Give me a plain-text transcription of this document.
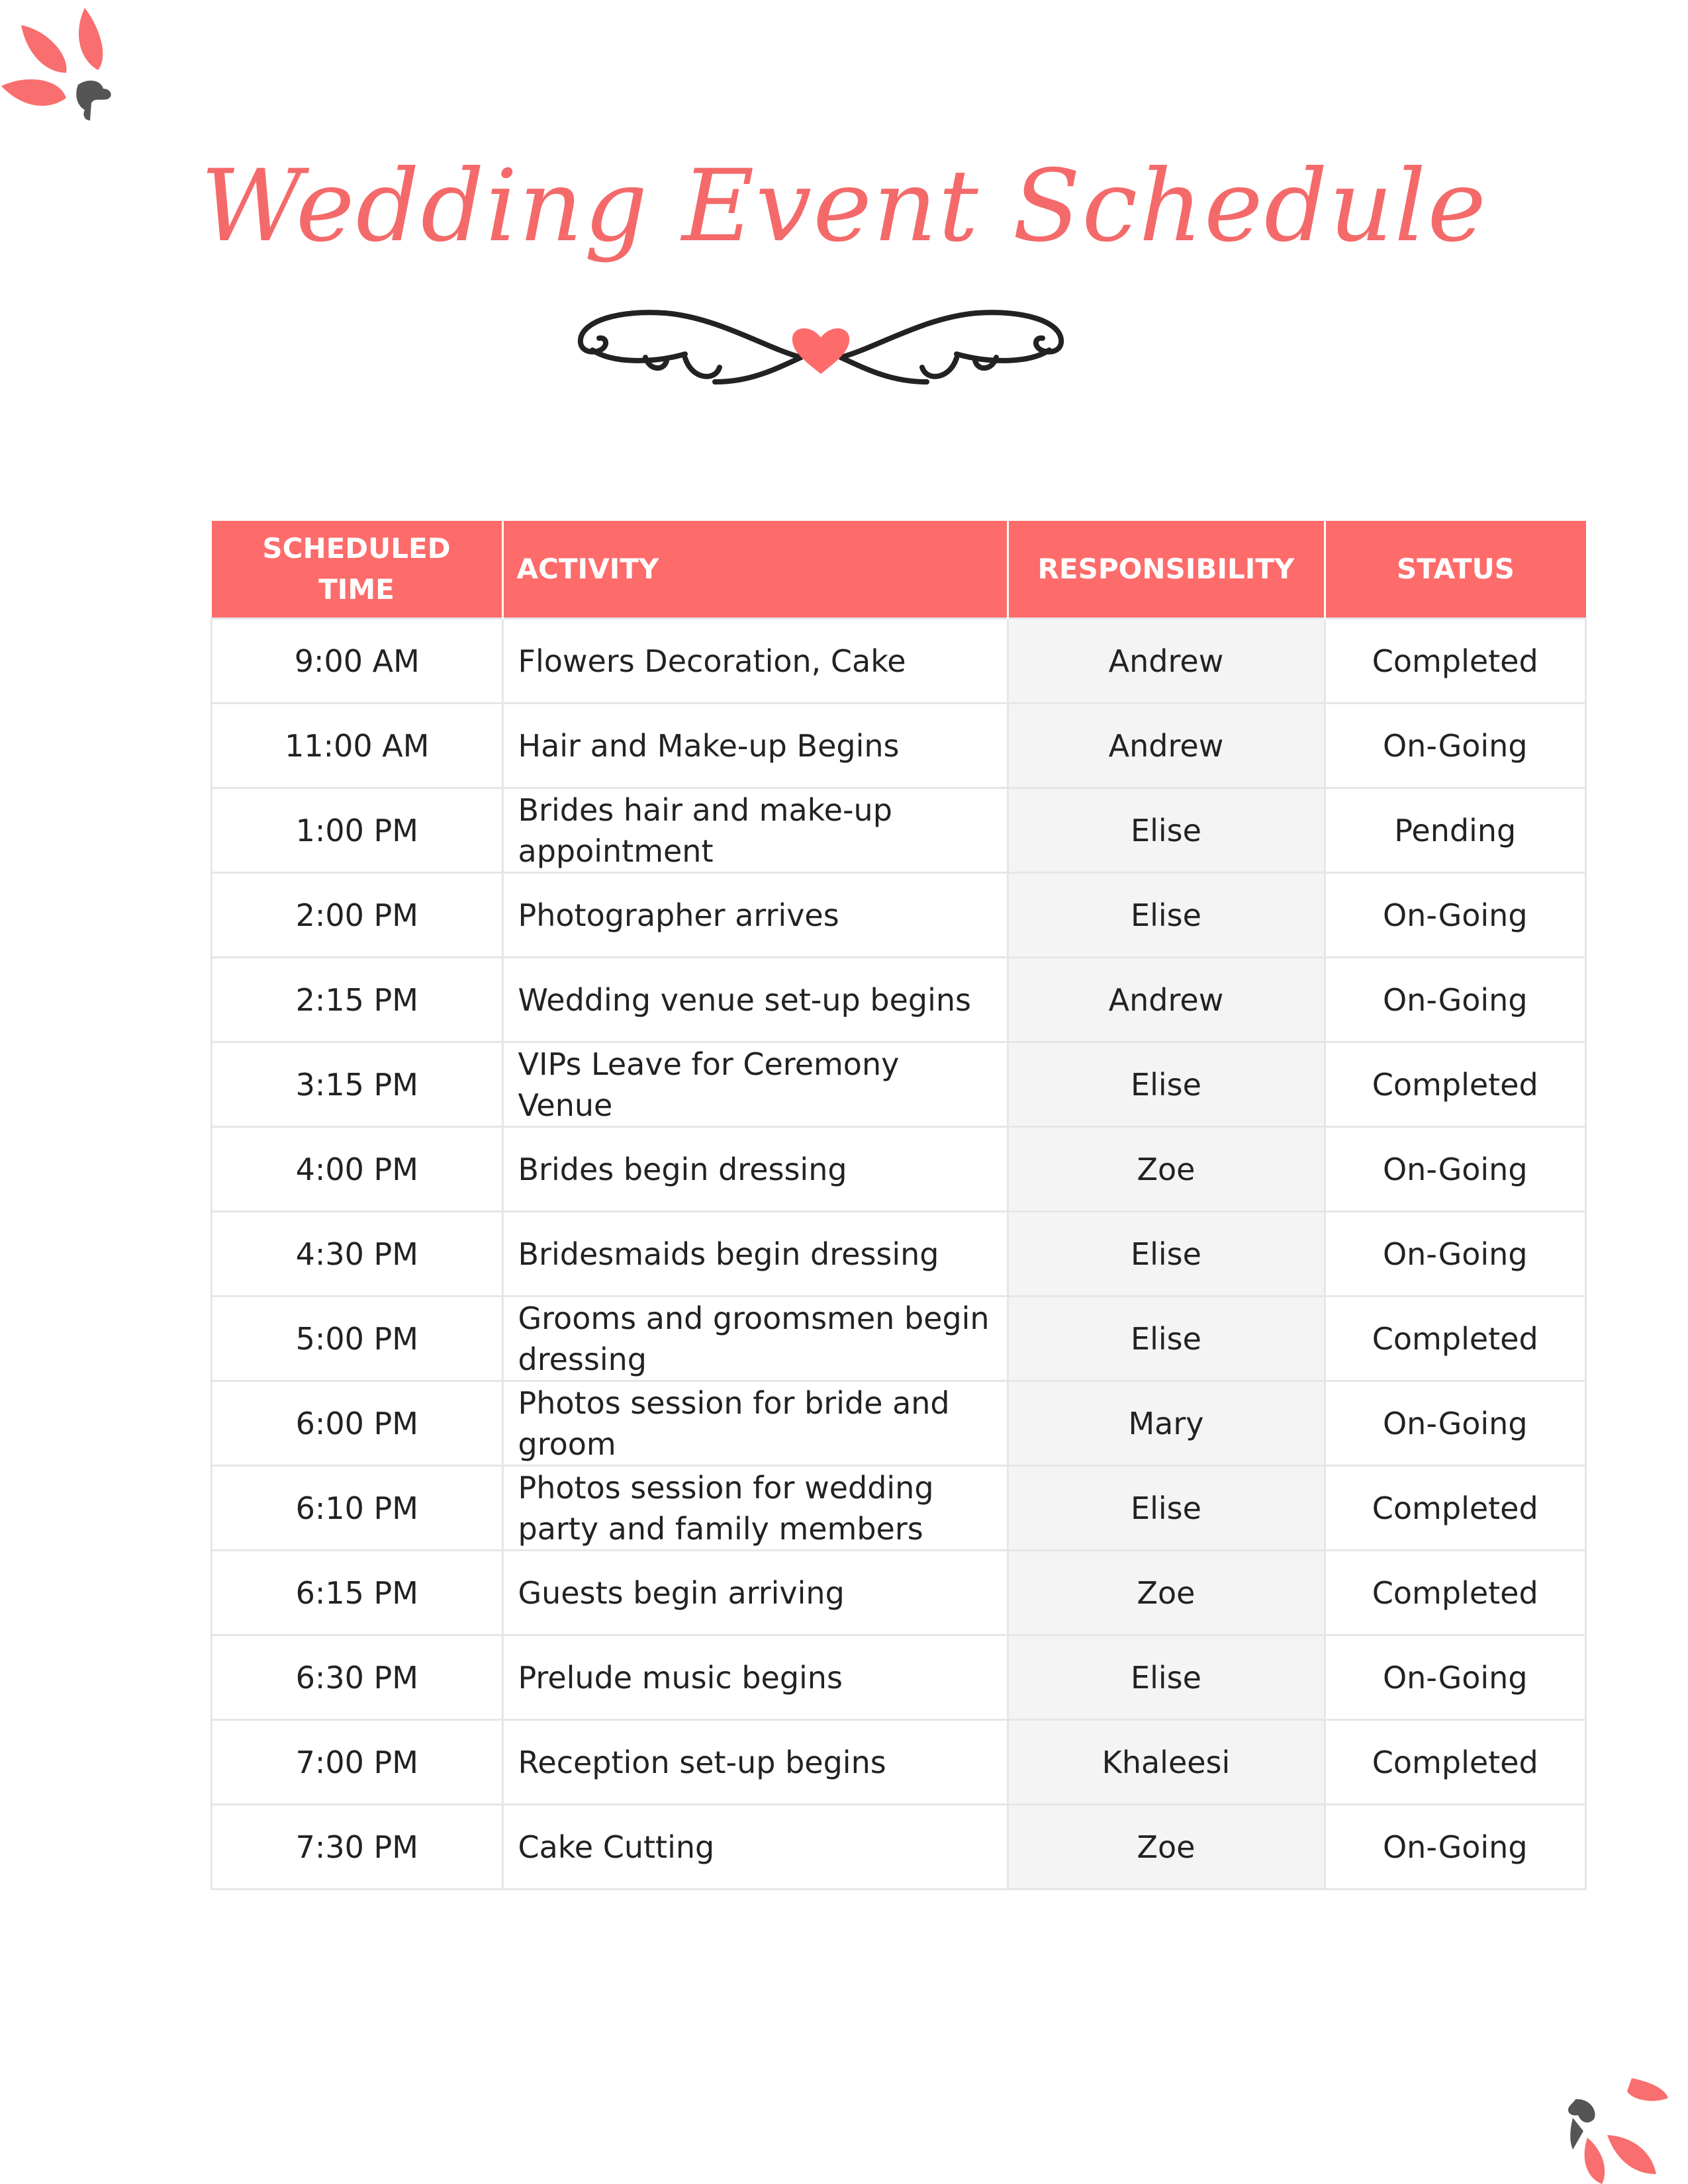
Wedding Event Schedule
SCHEDULED TIME	ACTIVITY	RESPONSIBILITY	STATUS
9:00 AM	Flowers Decoration, Cake	Andrew	Completed
11:00 AM	Hair and Make-up Begins	Andrew	On-Going
1:00 PM	Brides hair and make-up appointment	Elise	Pending
2:00 PM	Photographer arrives	Elise	On-Going
2:15 PM	Wedding venue set-up begins	Andrew	On-Going
3:15 PM	VIPs Leave for Ceremony Venue	Elise	Completed
4:00 PM	Brides begin dressing	Zoe	On-Going
4:30 PM	Bridesmaids begin dressing	Elise	On-Going
5:00 PM	Grooms and groomsmen begin dressing	Elise	Completed
6:00 PM	Photos session for bride and groom	Mary	On-Going
6:10 PM	Photos session for wedding party and family members	Elise	Completed
6:15 PM	Guests begin arriving	Zoe	Completed
6:30 PM	Prelude music begins	Elise	On-Going
7:00 PM	Reception set-up begins	Khaleesi	Completed
7:30 PM	Cake Cutting	Zoe	On-Going
